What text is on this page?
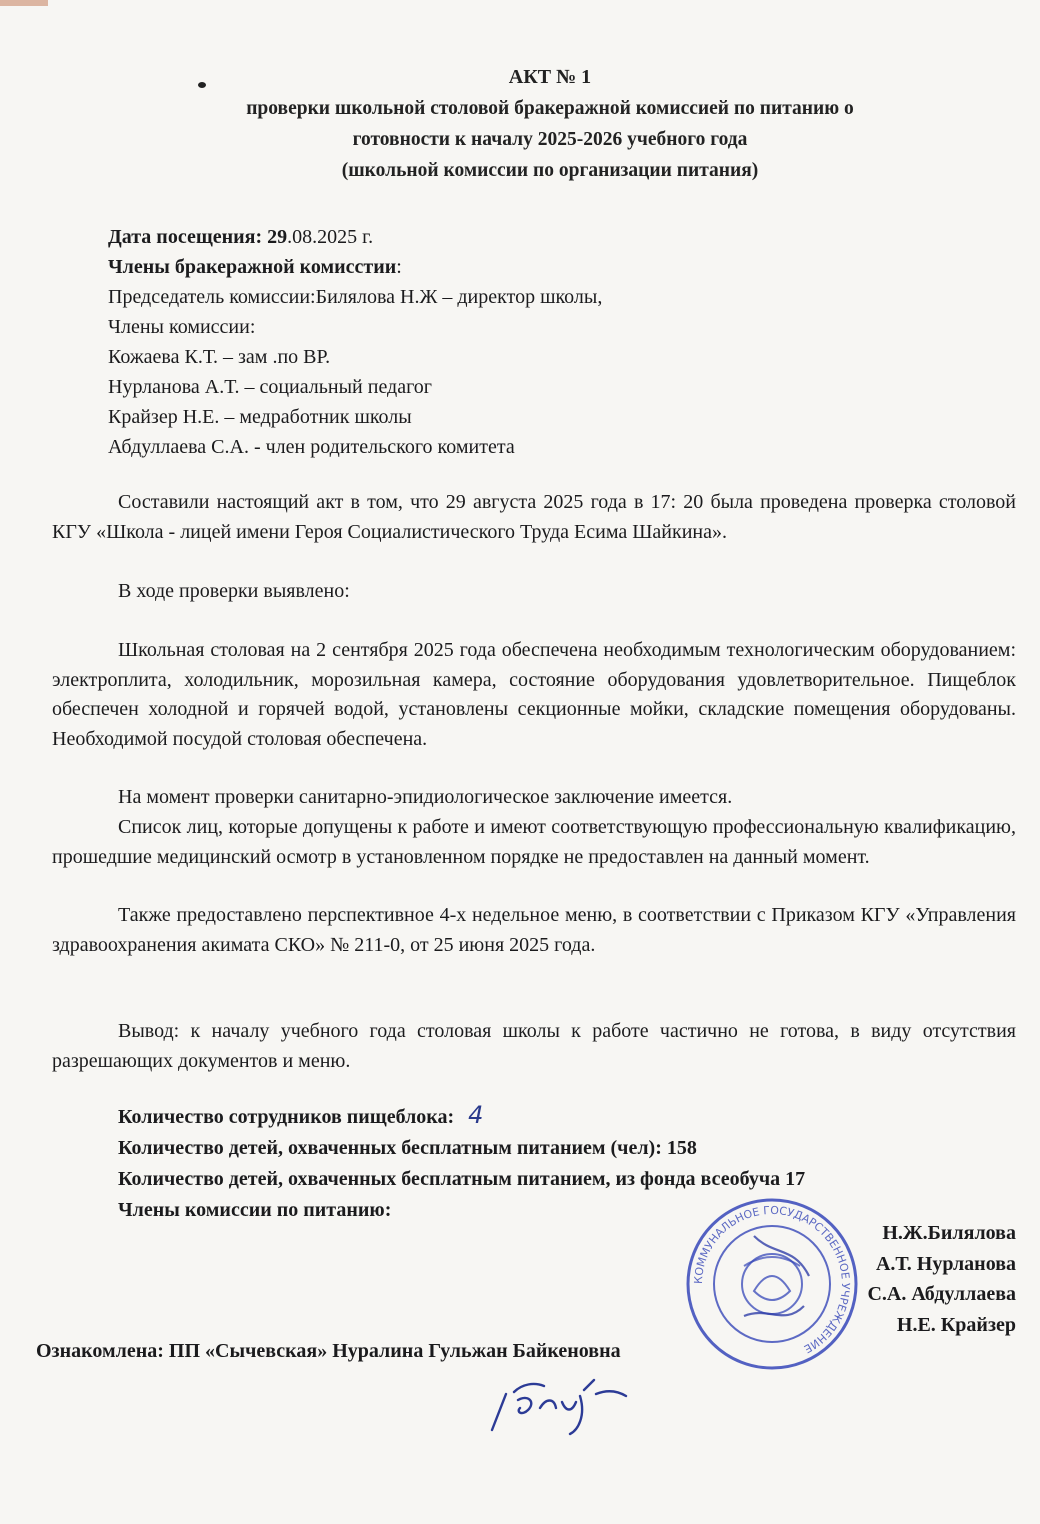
АКТ № 1
проверки школьной столовой бракеражной комиссией по питанию о
готовности к началу 2025-2026 учебного года
(школьной комиссии по организации питания)
Дата посещения: 29.08.2025 г.
Члены бракеражной комисстии:
Председатель комиссии:Билялова Н.Ж – директор школы,
Члены комиссии:
Кожаева К.Т. – зам .по ВР.
Нурланова А.Т. – социальный педагог
Крайзер Н.Е. – медработник школы
Абдуллаева С.А. - член родительского комитета
Составили настоящий акт в том, что 29 августа 2025 года в 17: 20 была проведена проверка столовой КГУ «Школа - лицей имени Героя Социалистического Труда Есима Шайкина».
В ходе проверки выявлено:
Школьная столовая на 2 сентября 2025 года обеспечена необходимым технологическим оборудованием: электроплита, холодильник, морозильная камера, состояние оборудования удовлетворительное. Пищеблок обеспечен холодной и горячей водой, установлены секционные мойки, складские помещения оборудованы. Необходимой посудой столовая обеспечена.
На момент проверки санитарно-эпидиологическое заключение имеется.
Список лиц, которые допущены к работе и имеют соответствующую профессиональную квалификацию, прошедшие медицинский осмотр в установленном порядке не предоставлен на данный момент.
Также предоставлено перспективное 4-х недельное меню, в соответствии с Приказом КГУ «Управления здравоохранения акимата СКО» № 211-0, от 25 июня 2025 года.
Вывод: к началу учебного года столовая школы к работе частично не готова, в виду отсутствия разрешающих документов и меню.
Количество сотрудников пищеблока: 4
Количество детей, охваченных бесплатным питанием (чел): 158
Количество детей, охваченных бесплатным питанием, из фонда всеобуча 17
Члены комиссии по питанию:
КОММУНАЛЬНОЕ ГОСУДАРСТВЕННОЕ УЧРЕЖДЕНИЕ
Н.Ж.Билялова
А.Т. Нурланова
С.А. Абдуллаева
Н.Е. Крайзер
Ознакомлена: ПП «Сычевская» Нуралина Гульжан Байкеновна
